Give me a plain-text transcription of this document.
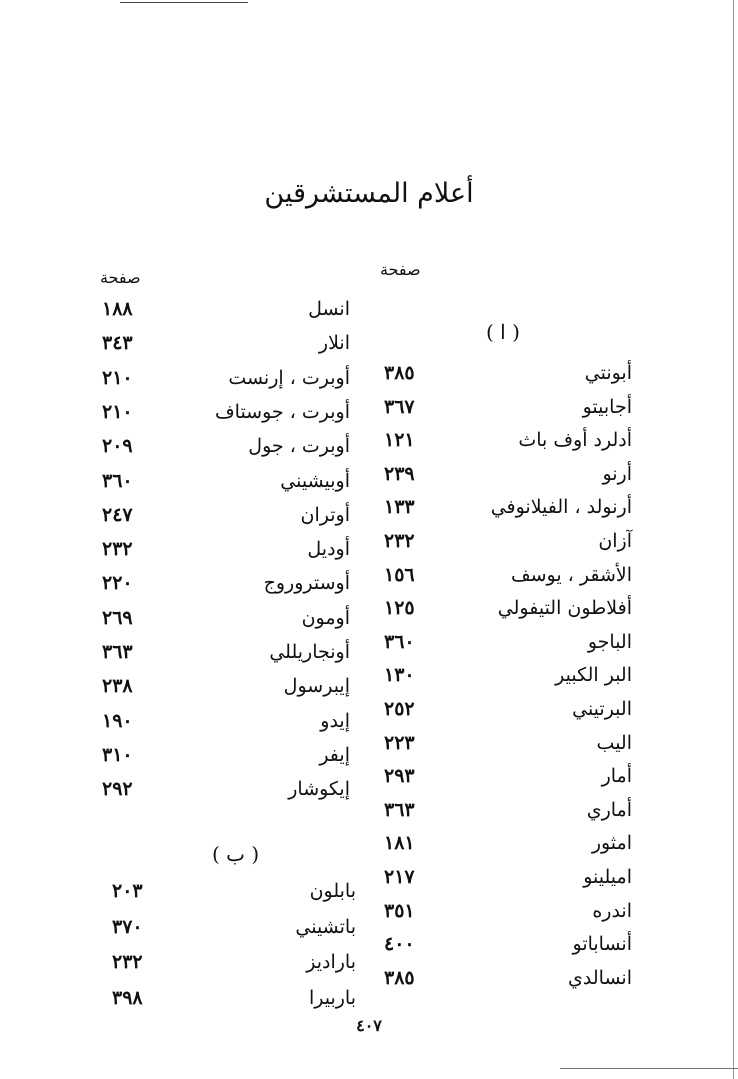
أعلام المستشرقين
صفحة
صفحة
( ا )
( ب )
أبونتي
٣٨٥
أجابيتو
٣٦٧
أدلرد أوف باث
١٢١
أرنو
٢٣٩
أرنولد ، الفيلانوفي
١٣٣
آزان
٢٣٢
الأشقر ، يوسف
١٥٦
أفلاطون التيفولي
١٢٥
الباجو
٣٦٠
البر الكبير
١٣٠
البرتيني
٢٥٢
اليب
٢٢٣
أمار
٢٩٣
أماري
٣٦٣
امثور
١٨١
اميلينو
٢١٧
اندره
٣٥١
أنساباتو
٤٠٠
انسالدي
٣٨٥
انسل
١٨٨
انلار
٣٤٣
أوبرت ، إرنست
٢١٠
أوبرت ، جوستاف
٢١٠
أوبرت ، جول
٢٠٩
أوبيشيني
٣٦٠
أوتران
٢٤٧
أوديل
٢٣٢
أوستروروج
٢٢٠
أومون
٢٦٩
أونجاريللي
٣٦٣
إيبرسول
٢٣٨
إيدو
١٩٠
إيفر
٣١٠
إيكوشار
٢٩٢
بابلون
٢٠٣
باتشيني
٣٧٠
باراديز
٢٣٢
باربيرا
٣٩٨
٤٠٧
